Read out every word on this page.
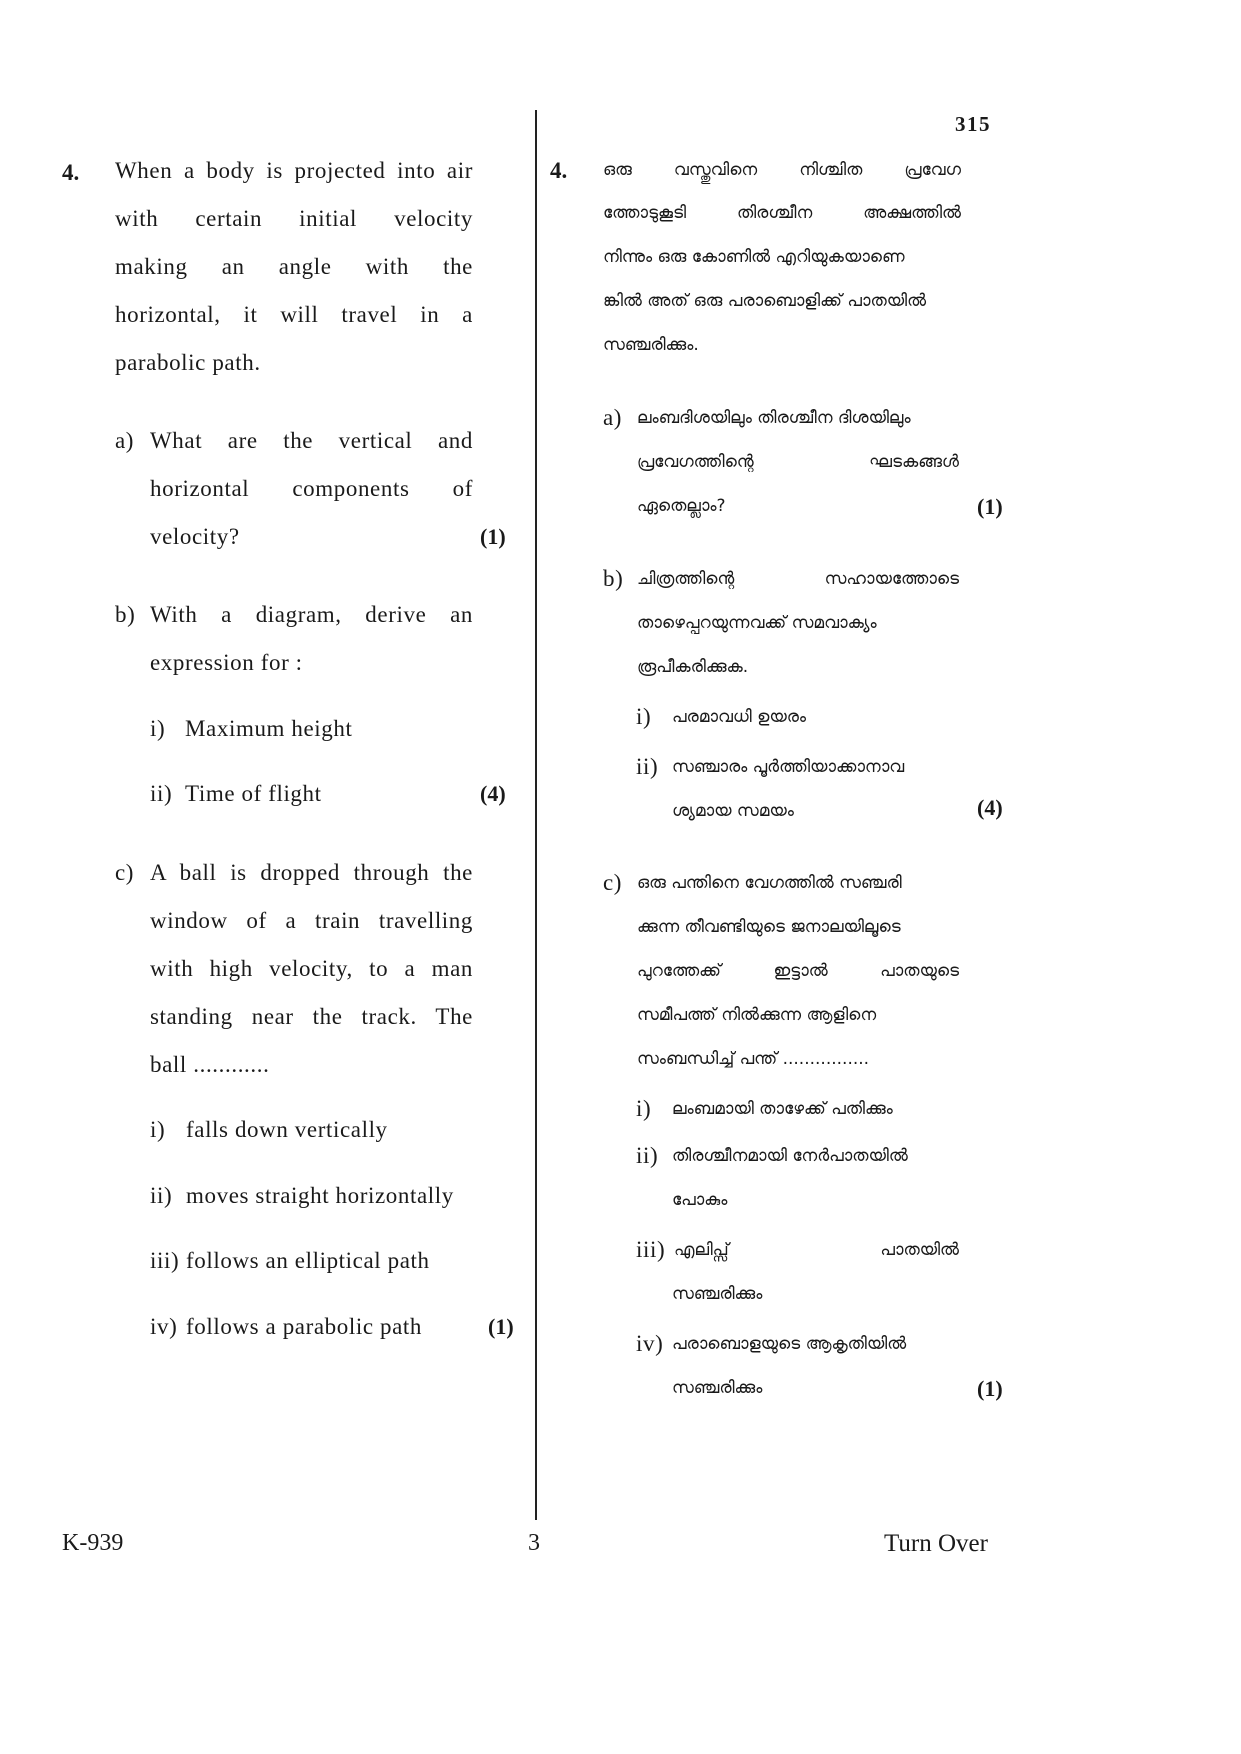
315
4. When a body is projected into air
with certain initial velocity
making an angle with the
horizontal, it will travel in a
parabolic path.
a) What are the vertical and
horizontal components of
velocity?	(1)
b) With a diagram, derive an
expression for :
i) Maximum height
ii) Time of flight	(4)
c) A ball is dropped through the
window of a train travelling
with high velocity, to a man
standing near the track. The
ball ............
i) falls down vertically
ii) moves straight horizontally
iii) follows an elliptical path
iv) follows a parabolic path	(1)
4. ഒരു വസ്തുവിനെ നിശ്ചിത പ്രവേഗ
ത്തോടുകൂടി തിരശ്ചീന അക്ഷത്തിൽ
നിന്നും ഒരു കോണിൽ എറിയുകയാണെ
ങ്കിൽ അത് ഒരു പരാബൊളിക്ക് പാതയിൽ
സഞ്ചരിക്കും.
a) ലംബദിശയിലും തിരശ്ചീന ദിശയിലും
പ്രവേഗത്തിന്റെ ഘടകങ്ങൾ
ഏതെല്ലാം?	(1)
b) ചിത്രത്തിന്റെ സഹായത്തോടെ
താഴെപ്പറയുന്നവക്ക് സമവാക്യം
രൂപീകരിക്കുക.
i) പരമാവധി ഉയരം
ii) സഞ്ചാരം പൂർത്തിയാക്കാനാവ
ശ്യമായ സമയം	(4)
c) ഒരു പന്തിനെ വേഗത്തിൽ സഞ്ചരി
ക്കുന്ന തീവണ്ടിയുടെ ജനാലയിലൂടെ
പുറത്തേക്ക് ഇട്ടാൽ പാതയുടെ
സമീപത്ത് നിൽക്കുന്ന ആളിനെ
സംബന്ധിച്ച് പന്ത് ................
i) ലംബമായി താഴേക്ക് പതിക്കും
ii) തിരശ്ചീനമായി നേർപാതയിൽ
പോകും
iii) എലിപ്സ് പാതയിൽ
സഞ്ചരിക്കും
iv) പരാബൊളയുടെ ആകൃതിയിൽ
സഞ്ചരിക്കും	(1)
K-939	3	Turn Over
